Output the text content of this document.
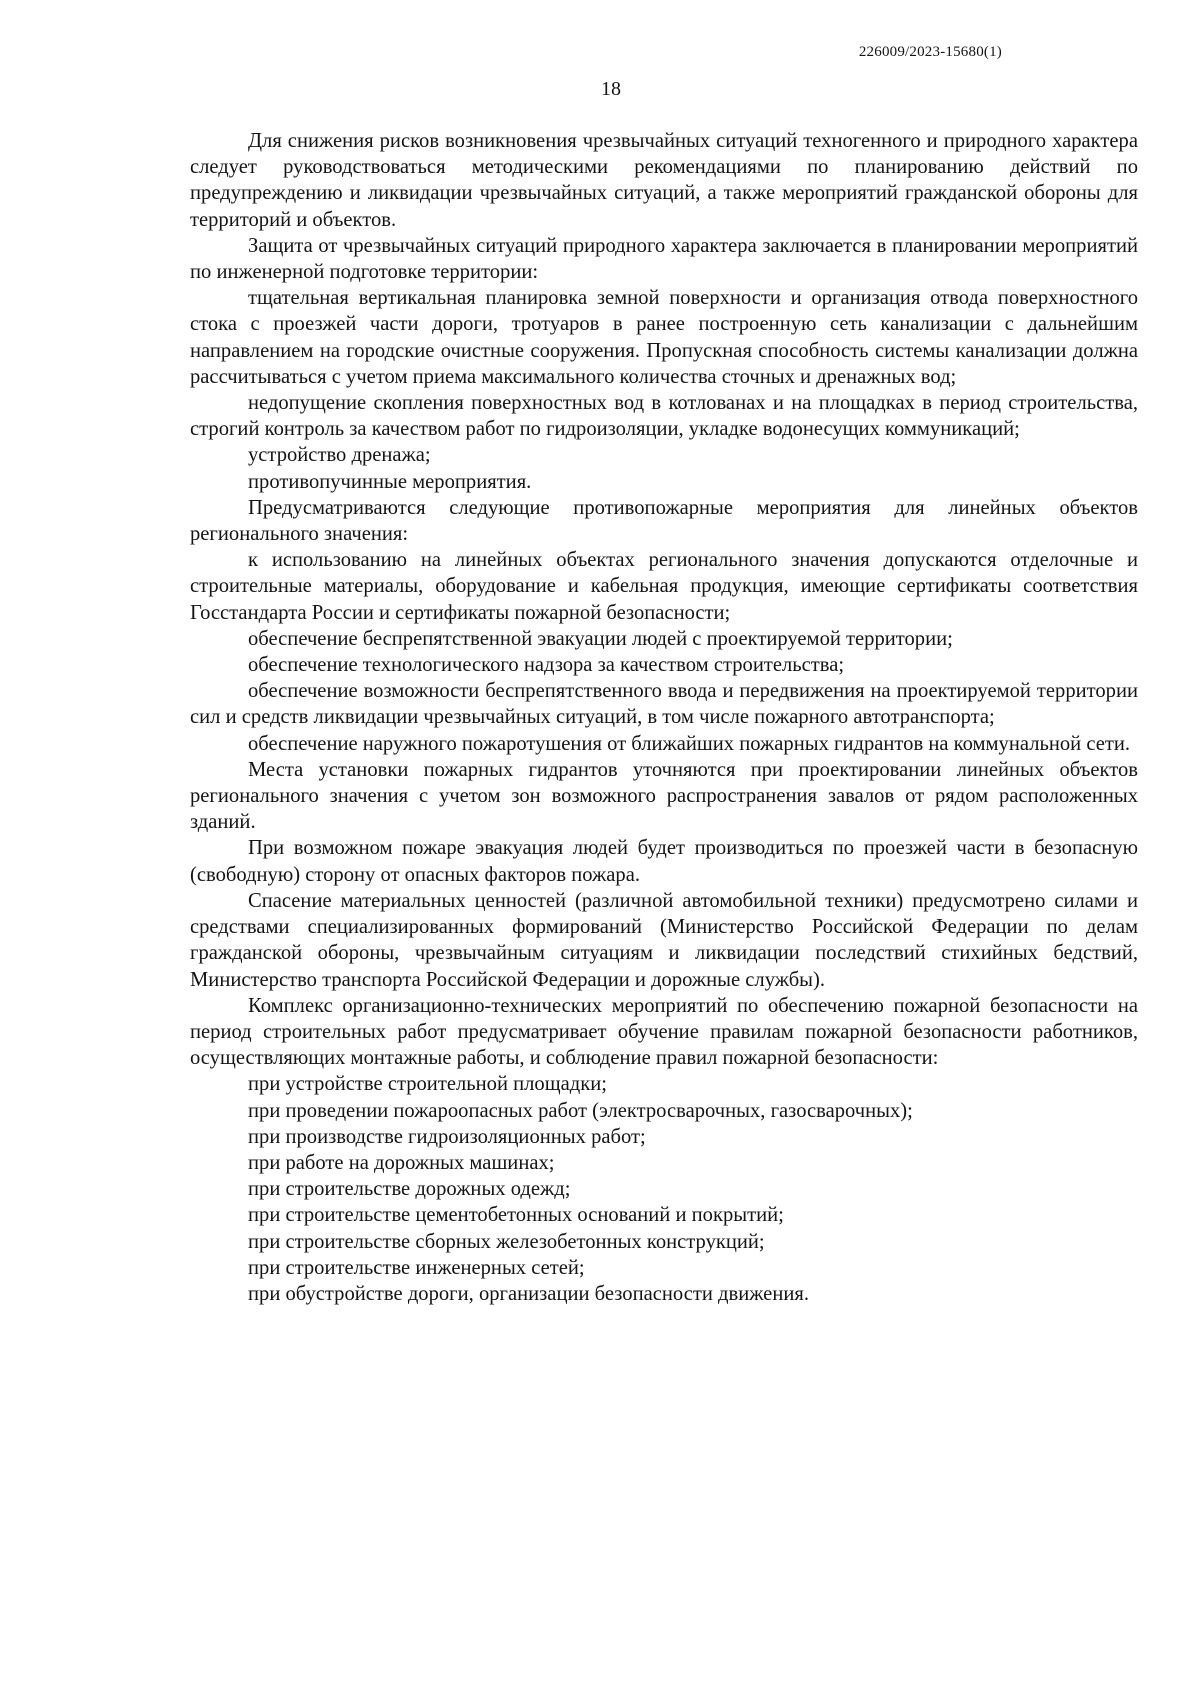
226009/2023-15680(1)
18

Для снижения рисков возникновения чрезвычайных ситуаций техногенного и природного характера следует руководствоваться методическими рекомендациями по планированию действий по предупреждению и ликвидации чрезвычайных ситуаций, а также мероприятий гражданской обороны для территорий и объектов.

Защита от чрезвычайных ситуаций природного характера заключается в планировании мероприятий по инженерной подготовке территории:

тщательная вертикальная планировка земной поверхности и организация отвода поверхностного стока с проезжей части дороги, тротуаров в ранее построенную сеть канализации с дальнейшим направлением на городские очистные сооружения. Пропускная способность системы канализации должна рассчитываться с учетом приема максимального количества сточных и дренажных вод;

недопущение скопления поверхностных вод в котлованах и на площадках в период строительства, строгий контроль за качеством работ по гидроизоляции, укладке водонесущих коммуникаций;

устройство дренажа;

противопучинные мероприятия.

Предусматриваются следующие противопожарные мероприятия для линейных объектов регионального значения:

к использованию на линейных объектах регионального значения допускаются отделочные и строительные материалы, оборудование и кабельная продукция, имеющие сертификаты соответствия Госстандарта России и сертификаты пожарной безопасности;

обеспечение беспрепятственной эвакуации людей с проектируемой территории;

обеспечение технологического надзора за качеством строительства;

обеспечение возможности беспрепятственного ввода и передвижения на проектируемой территории сил и средств ликвидации чрезвычайных ситуаций, в том числе пожарного автотранспорта;

обеспечение наружного пожаротушения от ближайших пожарных гидрантов на коммунальной сети.

Места установки пожарных гидрантов уточняются при проектировании линейных объектов регионального значения с учетом зон возможного распространения завалов от рядом расположенных зданий.

При возможном пожаре эвакуация людей будет производиться по проезжей части в безопасную (свободную) сторону от опасных факторов пожара.

Спасение материальных ценностей (различной автомобильной техники) предусмотрено силами и средствами специализированных формирований (Министерство Российской Федерации по делам гражданской обороны, чрезвычайным ситуациям и ликвидации последствий стихийных бедствий, Министерство транспорта Российской Федерации и дорожные службы).

Комплекс организационно-технических мероприятий по обеспечению пожарной безопасности на период строительных работ предусматривает обучение правилам пожарной безопасности работников, осуществляющих монтажные работы, и соблюдение правил пожарной безопасности:

при устройстве строительной площадки;

при проведении пожароопасных работ (электросварочных, газосварочных);

при производстве гидроизоляционных работ;

при работе на дорожных машинах;

при строительстве дорожных одежд;

при строительстве цементобетонных оснований и покрытий;

при строительстве сборных железобетонных конструкций;

при строительстве инженерных сетей;

при обустройстве дороги, организации безопасности движения.
